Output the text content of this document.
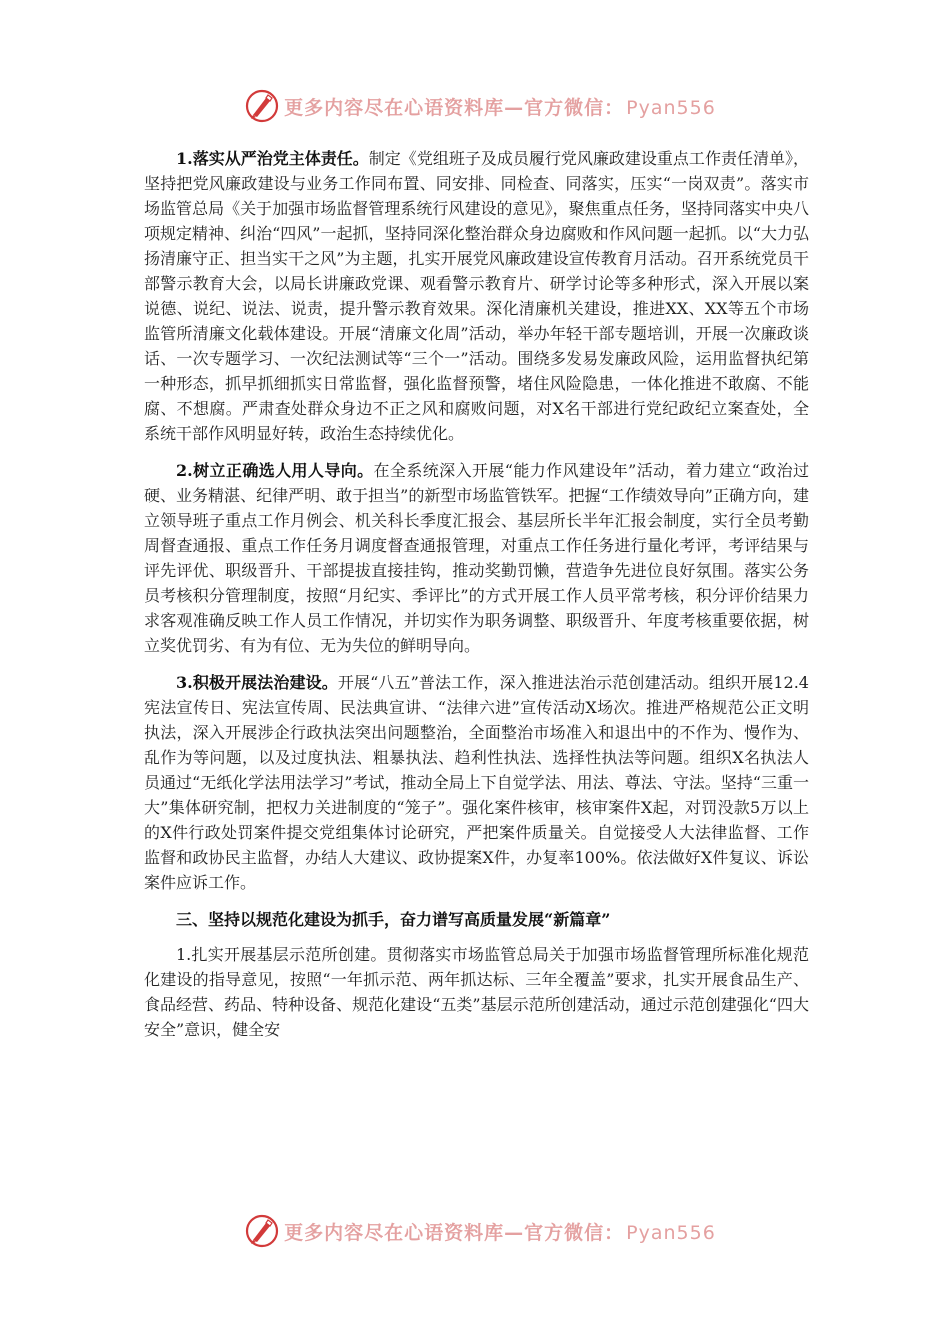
更多内容尽在心语资料库—官方微信： Pyan556

1.落实从严治党主体责任。制定《党组班子及成员履行党风廉政建设重点工作责任清单》，坚持把党风廉政建设与业务工作同布置、同安排、同检查、同落实，压实“一岗双责”。落实市场监管总局《关于加强市场监督管理系统行风建设的意见》，聚焦重点任务，坚持同落实中央八项规定精神、纠治“四风”一起抓，坚持同深化整治群众身边腐败和作风问题一起抓。以“大力弘扬清廉守正、担当实干之风”为主题，扎实开展党风廉政建设宣传教育月活动。召开系统党员干部警示教育大会，以局长讲廉政党课、观看警示教育片、研学讨论等多种形式，深入开展以案说德、说纪、说法、说责，提升警示教育效果。深化清廉机关建设，推进XX、XX等五个市场监管所清廉文化载体建设。开展“清廉文化周”活动，举办年轻干部专题培训，开展一次廉政谈话、一次专题学习、一次纪法测试等“三个一”活动。围绕多发易发廉政风险，运用监督执纪第一种形态，抓早抓细抓实日常监督，强化监督预警，堵住风险隐患，一体化推进不敢腐、不能腐、不想腐。严肃查处群众身边不正之风和腐败问题，对X名干部进行党纪政纪立案查处，全系统干部作风明显好转，政治生态持续优化。

2.树立正确选人用人导向。在全系统深入开展“能力作风建设年”活动，着力建立“政治过硬、业务精湛、纪律严明、敢于担当”的新型市场监管铁军。把握“工作绩效导向”正确方向，建立领导班子重点工作月例会、机关科长季度汇报会、基层所长半年汇报会制度，实行全员考勤周督查通报、重点工作任务月调度督查通报管理，对重点工作任务进行量化考评，考评结果与评先评优、职级晋升、干部提拔直接挂钩，推动奖勤罚懒，营造争先进位良好氛围。落实公务员考核积分管理制度，按照“月纪实、季评比”的方式开展工作人员平常考核，积分评价结果力求客观准确反映工作人员工作情况，并切实作为职务调整、职级晋升、年度考核重要依据，树立奖优罚劣、有为有位、无为失位的鲜明导向。

3.积极开展法治建设。开展“八五”普法工作，深入推进法治示范创建活动。组织开展12.4宪法宣传日、宪法宣传周、民法典宣讲、“法律六进”宣传活动X场次。推进严格规范公正文明执法，深入开展涉企行政执法突出问题整治，全面整治市场准入和退出中的不作为、慢作为、乱作为等问题，以及过度执法、粗暴执法、趋利性执法、选择性执法等问题。组织X名执法人员通过“无纸化学法用法学习”考试，推动全局上下自觉学法、用法、尊法、守法。坚持“三重一大”集体研究制，把权力关进制度的“笼子”。强化案件核审，核审案件X起，对罚没款5万以上的X件行政处罚案件提交党组集体讨论研究，严把案件质量关。自觉接受人大法律监督、工作监督和政协民主监督，办结人大建议、政协提案X件，办复率100%。依法做好X件复议、诉讼案件应诉工作。

三、坚持以规范化建设为抓手，奋力谱写高质量发展“新篇章”

1.扎实开展基层示范所创建。贯彻落实市场监管总局关于加强市场监督管理所标准化规范化建设的指导意见，按照“一年抓示范、两年抓达标、三年全覆盖”要求，扎实开展食品生产、食品经营、药品、特种设备、规范化建设“五类”基层示范所创建活动，通过示范创建强化“四大安全”意识，健全安

更多内容尽在心语资料库—官方微信： Pyan556
